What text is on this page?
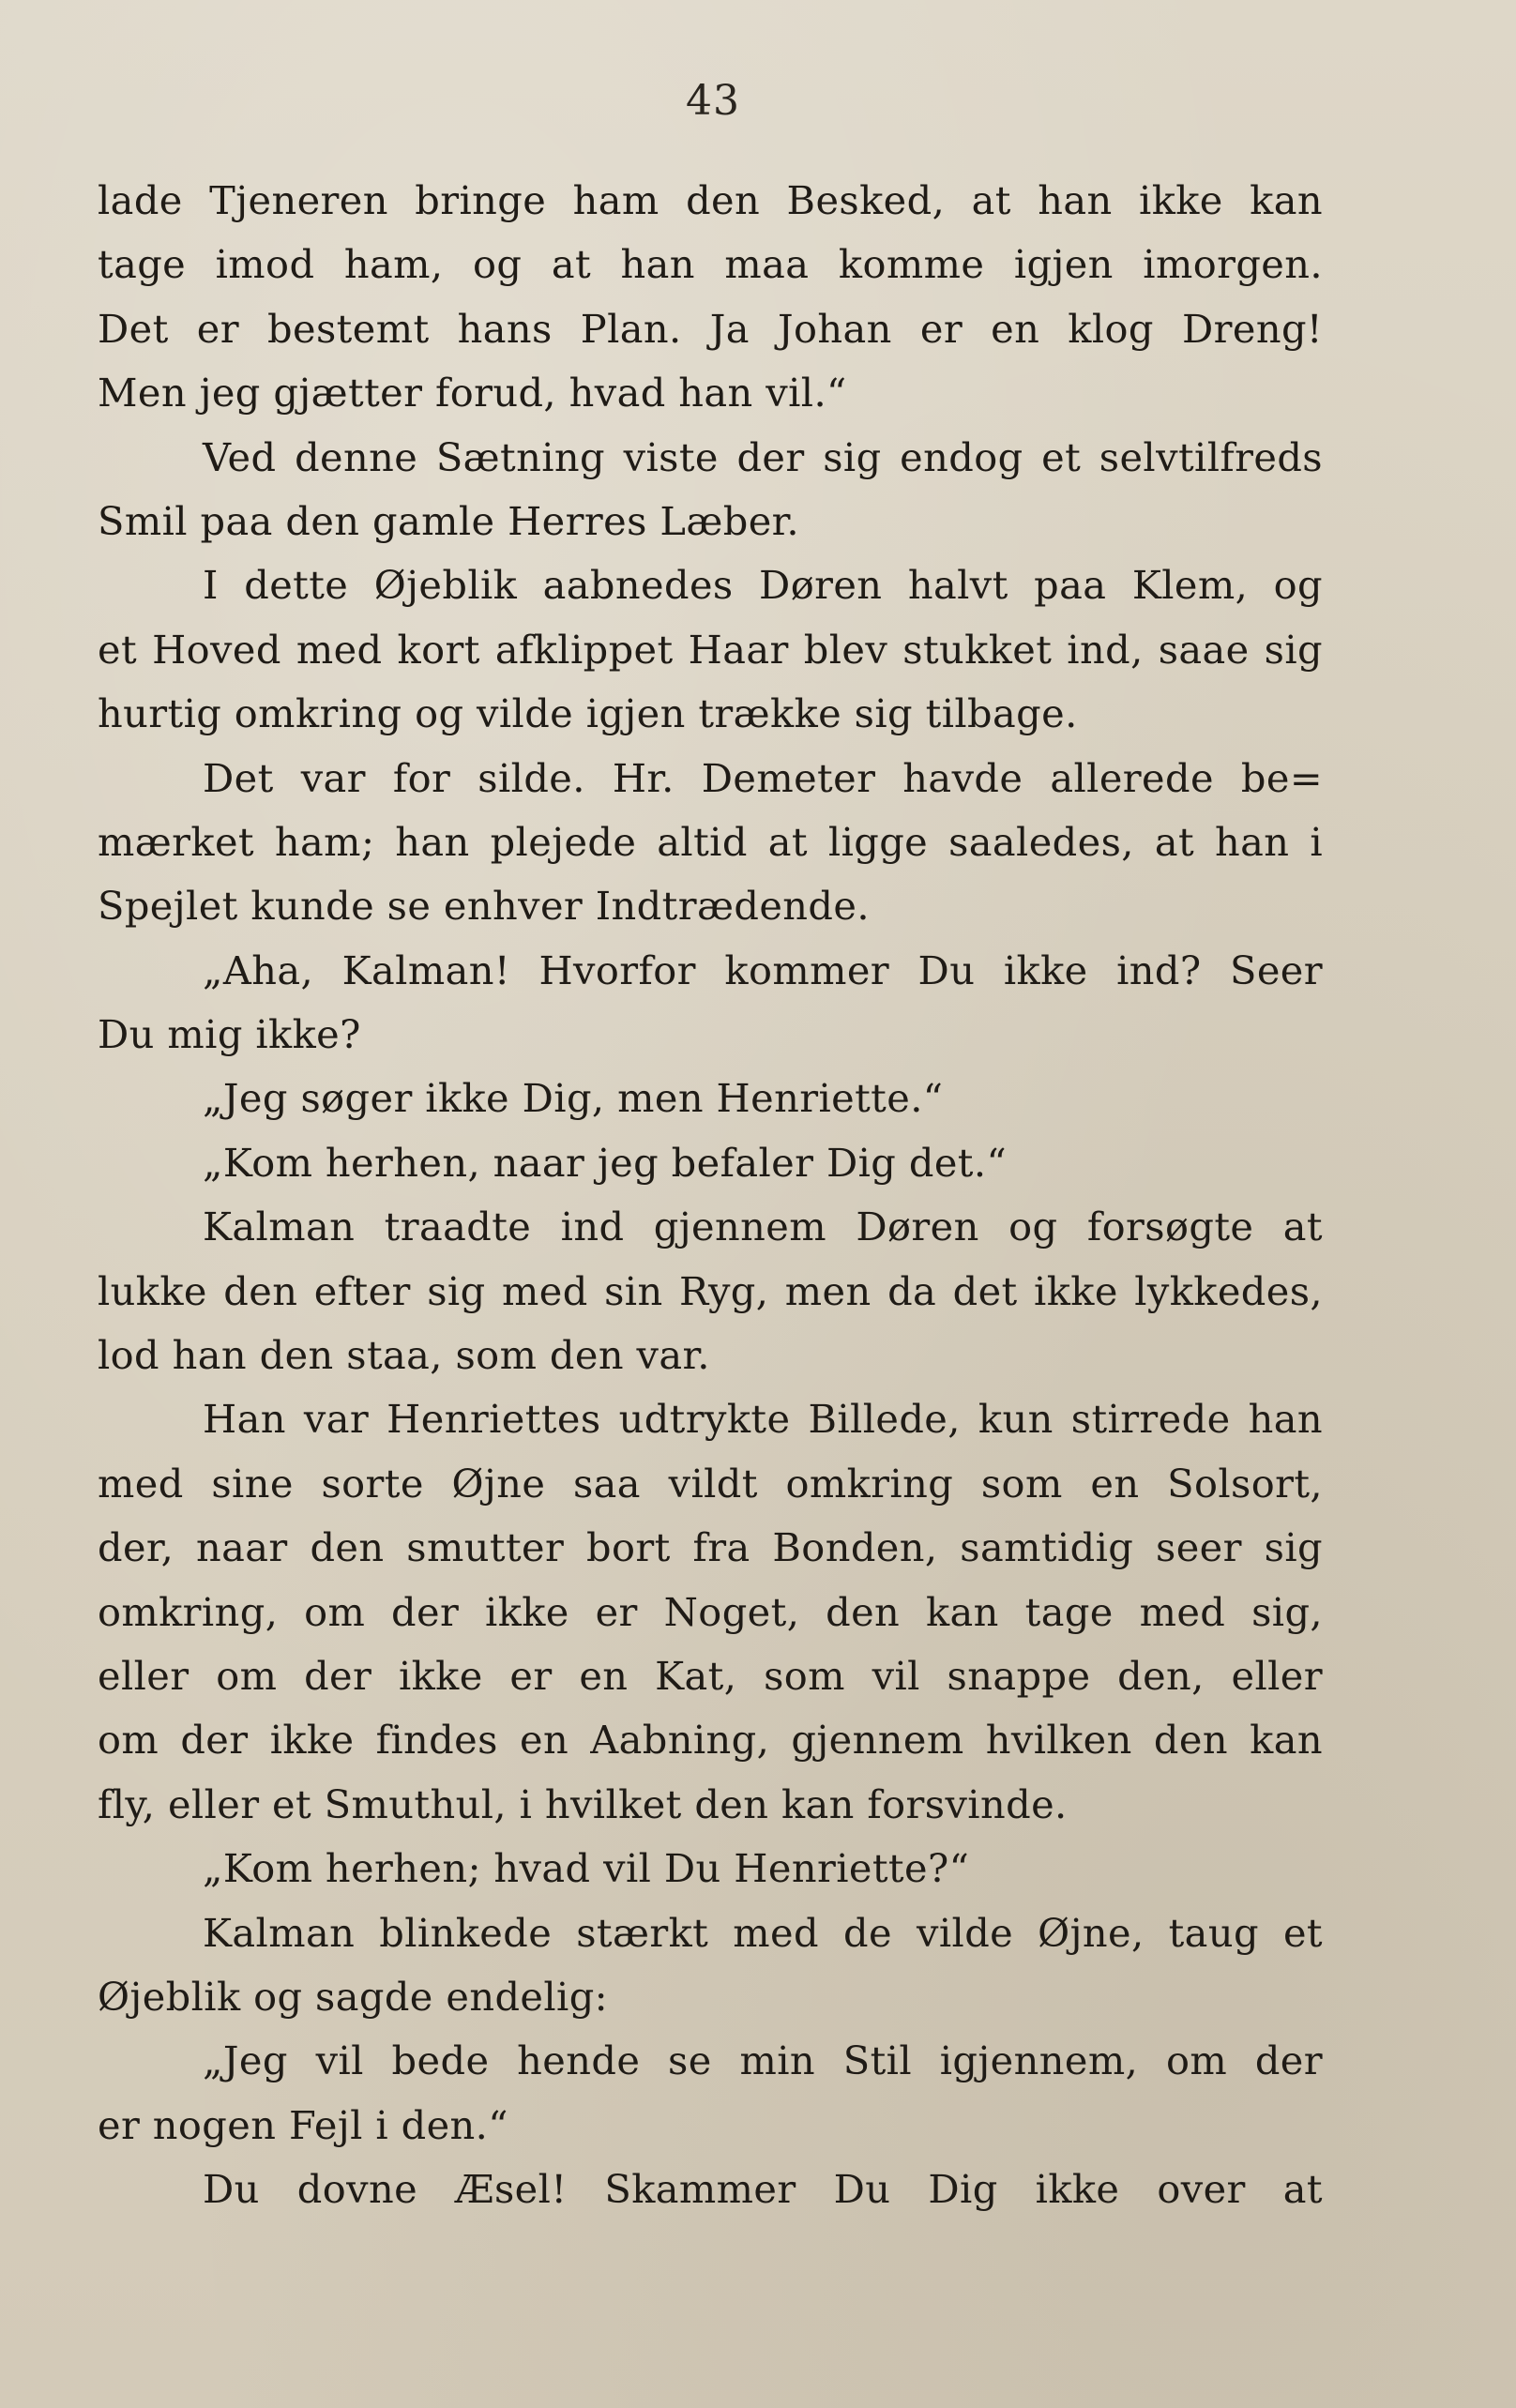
43
lade Tjeneren bringe ham den Besked, at han ikke kan
tage imod ham, og at han maa komme igjen imorgen.
Det er bestemt hans Plan. Ja Johan er en klog Dreng!
Men jeg gjætter forud, hvad han vil.“
Ved denne Sætning viste der sig endog et selvtilfreds
Smil paa den gamle Herres Læber.
I dette Øjeblik aabnedes Døren halvt paa Klem, og
et Hoved med kort afklippet Haar blev stukket ind, saae sig
hurtig omkring og vilde igjen trække sig tilbage.
Det var for silde. Hr. Demeter havde allerede be=
mærket ham; han plejede altid at ligge saaledes, at han i
Spejlet kunde se enhver Indtrædende.
„Aha, Kalman! Hvorfor kommer Du ikke ind? Seer
Du mig ikke?
„Jeg søger ikke Dig, men Henriette.“
„Kom herhen, naar jeg befaler Dig det.“
Kalman traadte ind gjennem Døren og forsøgte at
lukke den efter sig med sin Ryg, men da det ikke lykkedes,
lod han den staa, som den var.
Han var Henriettes udtrykte Billede, kun stirrede han
med sine sorte Øjne saa vildt omkring som en Solsort,
der, naar den smutter bort fra Bonden, samtidig seer sig
omkring, om der ikke er Noget, den kan tage med sig,
eller om der ikke er en Kat, som vil snappe den, eller
om der ikke findes en Aabning, gjennem hvilken den kan
fly, eller et Smuthul, i hvilket den kan forsvinde.
„Kom herhen; hvad vil Du Henriette?“
Kalman blinkede stærkt med de vilde Øjne, taug et
Øjeblik og sagde endelig:
„Jeg vil bede hende se min Stil igjennem, om der
er nogen Fejl i den.“
Du dovne Æsel! Skammer Du Dig ikke over at
